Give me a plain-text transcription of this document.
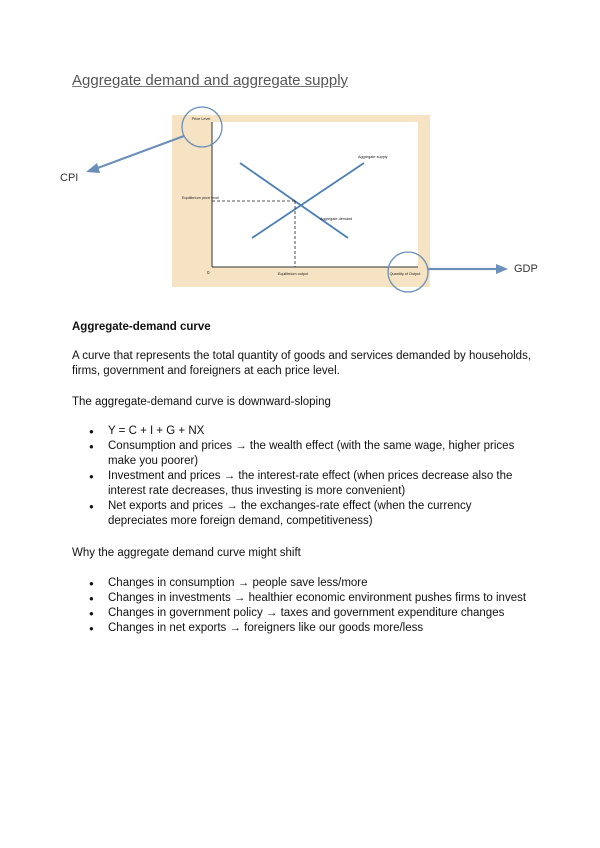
Aggregate demand and aggregate supply
Price Level
0
Equilibrium price level
Equilibrium output	Quantity of Output
Aggregate supply
Aggregate demand
CPI
GDP
Aggregate-demand curve
A curve that represents the total quantity of goods and services demanded by households, firms, government and foreigners at each price level.
The aggregate-demand curve is downward-sloping
● Y = C + I + G + NX
● Consumption and prices → the wealth effect (with the same wage, higher prices make you poorer)
● Investment and prices → the interest-rate effect (when prices decrease also the interest rate decreases, thus investing is more convenient)
● Net exports and prices → the exchanges-rate effect (when the currency depreciates more foreign demand, competitiveness)
Why the aggregate demand curve might shift
● Changes in consumption → people save less/more
● Changes in investments → healthier economic environment pushes firms to invest
● Changes in government policy → taxes and government expenditure changes
● Changes in net exports → foreigners like our goods more/less
